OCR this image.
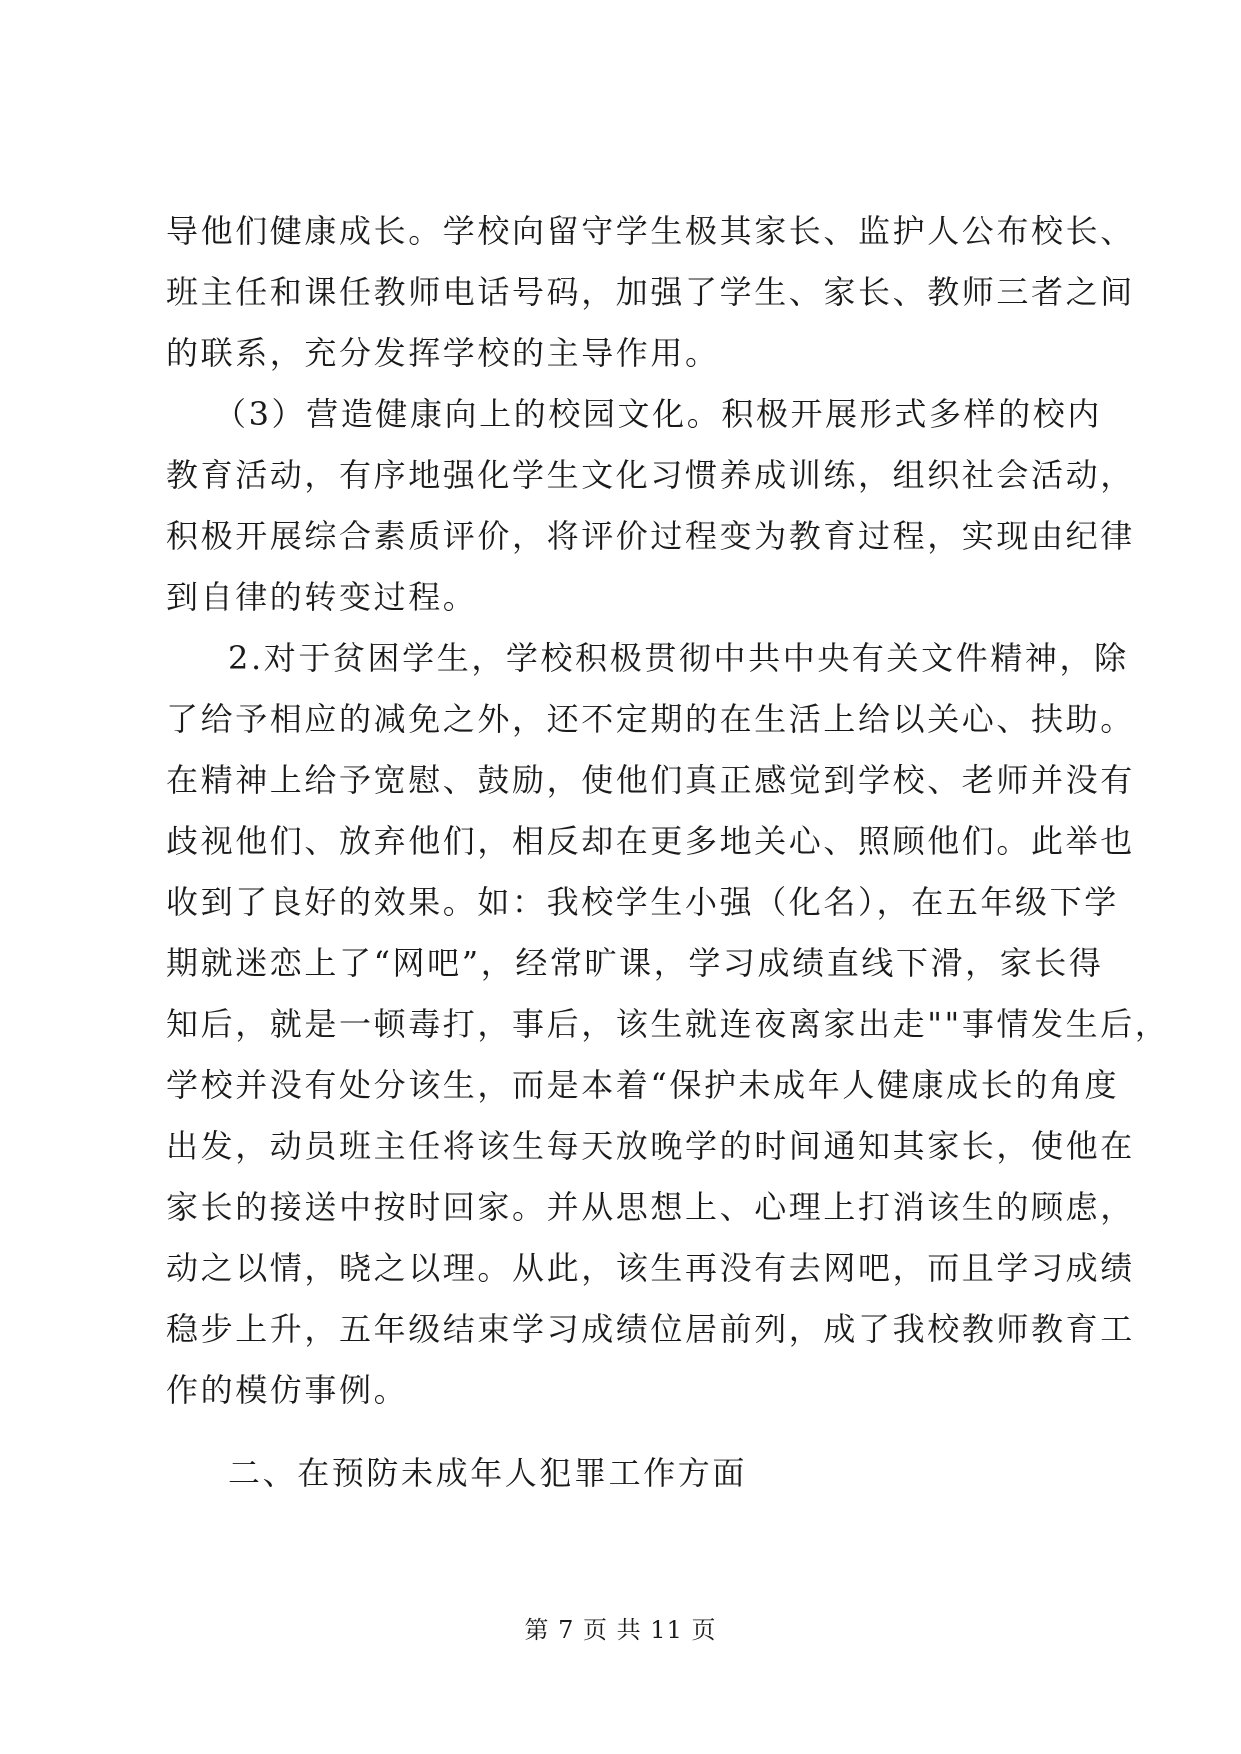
导他们健康成长。学校向留守学生极其家长、监护人公布校长、
班主任和课任教师电话号码，加强了学生、家长、教师三者之间
的联系，充分发挥学校的主导作用。
（3）营造健康向上的校园文化。积极开展形式多样的校内
教育活动，有序地强化学生文化习惯养成训练，组织社会活动，
积极开展综合素质评价，将评价过程变为教育过程，实现由纪律
到自律的转变过程。
2.对于贫困学生，学校积极贯彻中共中央有关文件精神，除
了给予相应的减免之外，还不定期的在生活上给以关心、扶助。
在精神上给予宽慰、鼓励，使他们真正感觉到学校、老师并没有
歧视他们、放弃他们，相反却在更多地关心、照顾他们。此举也
收到了良好的效果。如：我校学生小强（化名），在五年级下学
期就迷恋上了“网吧”，经常旷课，学习成绩直线下滑，家长得
知后，就是一顿毒打，事后，该生就连夜离家出走""事情发生后，
学校并没有处分该生，而是本着“保护未成年人健康成长的角度
出发，动员班主任将该生每天放晚学的时间通知其家长，使他在
家长的接送中按时回家。并从思想上、心理上打消该生的顾虑，
动之以情，晓之以理。从此，该生再没有去网吧，而且学习成绩
稳步上升，五年级结束学习成绩位居前列，成了我校教师教育工
作的模仿事例。
二、在预防未成年人犯罪工作方面
第 7 页 共 11 页
